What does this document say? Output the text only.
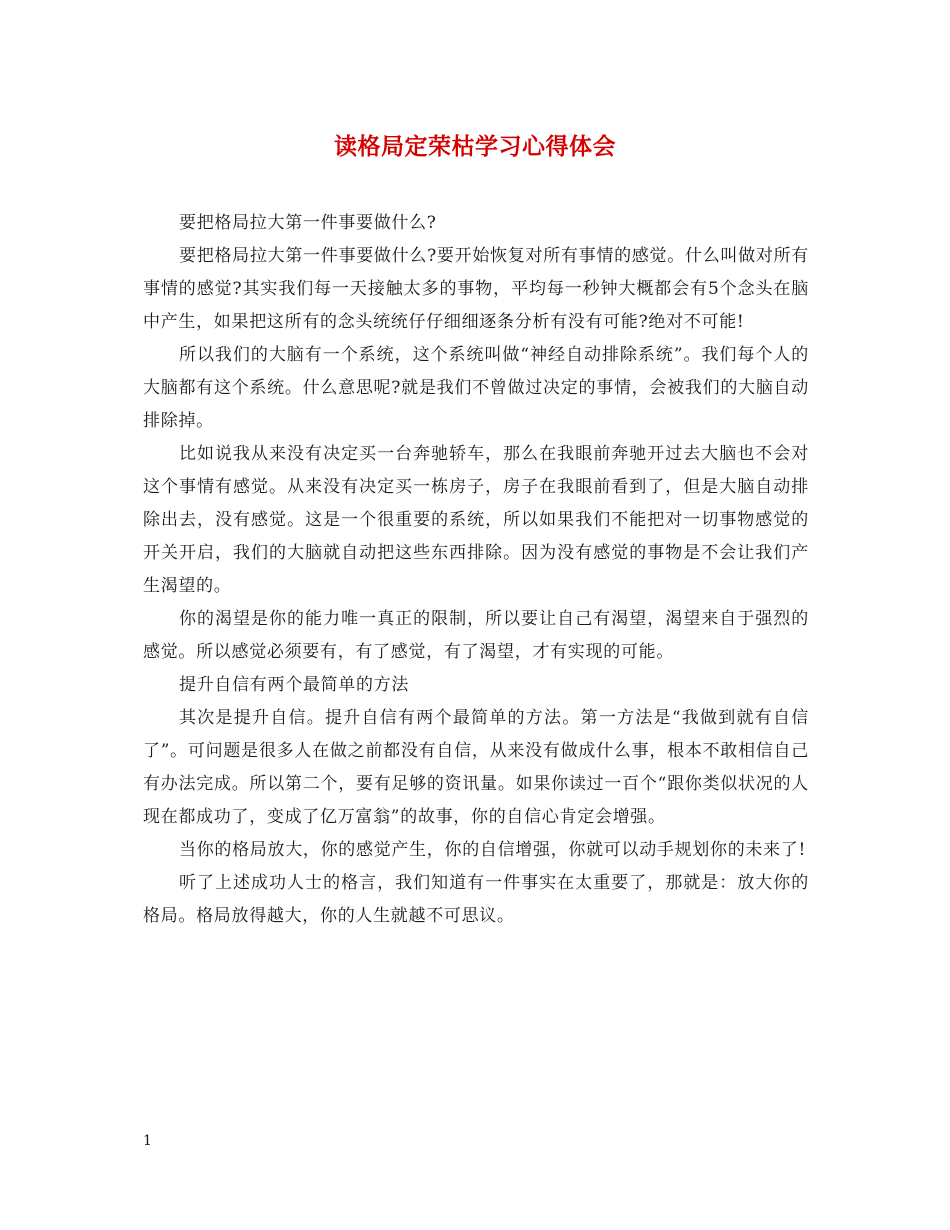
读格局定荣枯学习心得体会

要把格局拉大第一件事要做什么?

要把格局拉大第一件事要做什么?要开始恢复对所有事情的感觉。什么叫做对所有事情的感觉?其实我们每一天接触太多的事物，平均每一秒钟大概都会有5个念头在脑中产生，如果把这所有的念头统统仔仔细细逐条分析有没有可能?绝对不可能!

所以我们的大脑有一个系统，这个系统叫做“神经自动排除系统”。我们每个人的大脑都有这个系统。什么意思呢?就是我们不曾做过决定的事情，会被我们的大脑自动排除掉。

比如说我从来没有决定买一台奔驰轿车，那么在我眼前奔驰开过去大脑也不会对这个事情有感觉。从来没有决定买一栋房子，房子在我眼前看到了，但是大脑自动排除出去，没有感觉。这是一个很重要的系统，所以如果我们不能把对一切事物感觉的开关开启，我们的大脑就自动把这些东西排除。因为没有感觉的事物是不会让我们产生渴望的。

你的渴望是你的能力唯一真正的限制，所以要让自己有渴望，渴望来自于强烈的感觉。所以感觉必须要有，有了感觉，有了渴望，才有实现的可能。

提升自信有两个最简单的方法

其次是提升自信。提升自信有两个最简单的方法。第一方法是“我做到就有自信了”。可问题是很多人在做之前都没有自信，从来没有做成什么事，根本不敢相信自己有办法完成。所以第二个，要有足够的资讯量。如果你读过一百个“跟你类似状况的人现在都成功了，变成了亿万富翁”的故事，你的自信心肯定会增强。

当你的格局放大，你的感觉产生，你的自信增强，你就可以动手规划你的未来了!

听了上述成功人士的格言，我们知道有一件事实在太重要了，那就是：放大你的格局。格局放得越大，你的人生就越不可思议。

1
